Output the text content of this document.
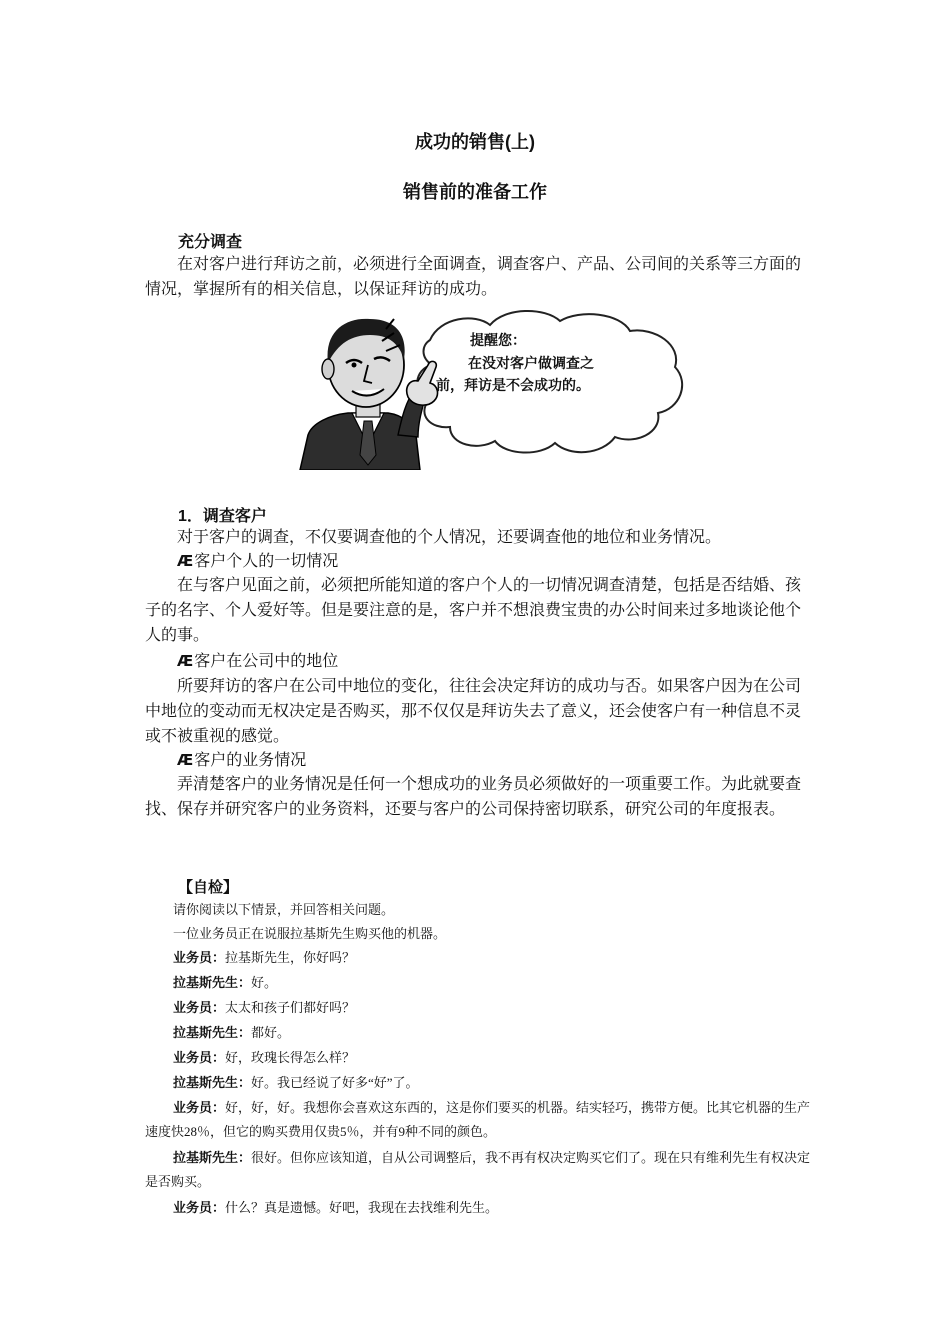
成功的销售(上)
销售前的准备工作
充分调查

在对客户进行拜访之前，必须进行全面调查，调查客户、产品、公司间的关系等三方面的情况，掌握所有的相关信息，以保证拜访的成功。

提醒您：
在没对客户做调查之
前，拜访是不会成功的。
1．调查客户

对于客户的调查，不仅要调查他的个人情况，还要调查他的地位和业务情况。

Æ 客户个人的一切情况

在与客户见面之前，必须把所能知道的客户个人的一切情况调查清楚，包括是否结婚、孩子的名字、个人爱好等。但是要注意的是，客户并不想浪费宝贵的办公时间来过多地谈论他个人的事。

Æ 客户在公司中的地位

所要拜访的客户在公司中地位的变化，往往会决定拜访的成功与否。如果客户因为在公司中地位的变动而无权决定是否购买，那不仅仅是拜访失去了意义，还会使客户有一种信息不灵或不被重视的感觉。

Æ 客户的业务情况

弄清楚客户的业务情况是任何一个想成功的业务员必须做好的一项重要工作。为此就要查找、保存并研究客户的业务资料，还要与客户的公司保持密切联系，研究公司的年度报表。

【自检】

请你阅读以下情景，并回答相关问题。

一位业务员正在说服拉基斯先生购买他的机器。

业务员：拉基斯先生，你好吗？

拉基斯先生：好。

业务员：太太和孩子们都好吗？

拉基斯先生：都好。

业务员：好，玫瑰长得怎么样？

拉基斯先生：好。我已经说了好多“好”了。

业务员：好，好，好。我想你会喜欢这东西的，这是你们要买的机器。结实轻巧，携带方便。比其它机器的生产速度快28％，但它的购买费用仅贵5％，并有9种不同的颜色。

拉基斯先生：很好。但你应该知道，自从公司调整后，我不再有权决定购买它们了。现在只有维利先生有权决定是否购买。

业务员：什么？真是遗憾。好吧，我现在去找维利先生。
